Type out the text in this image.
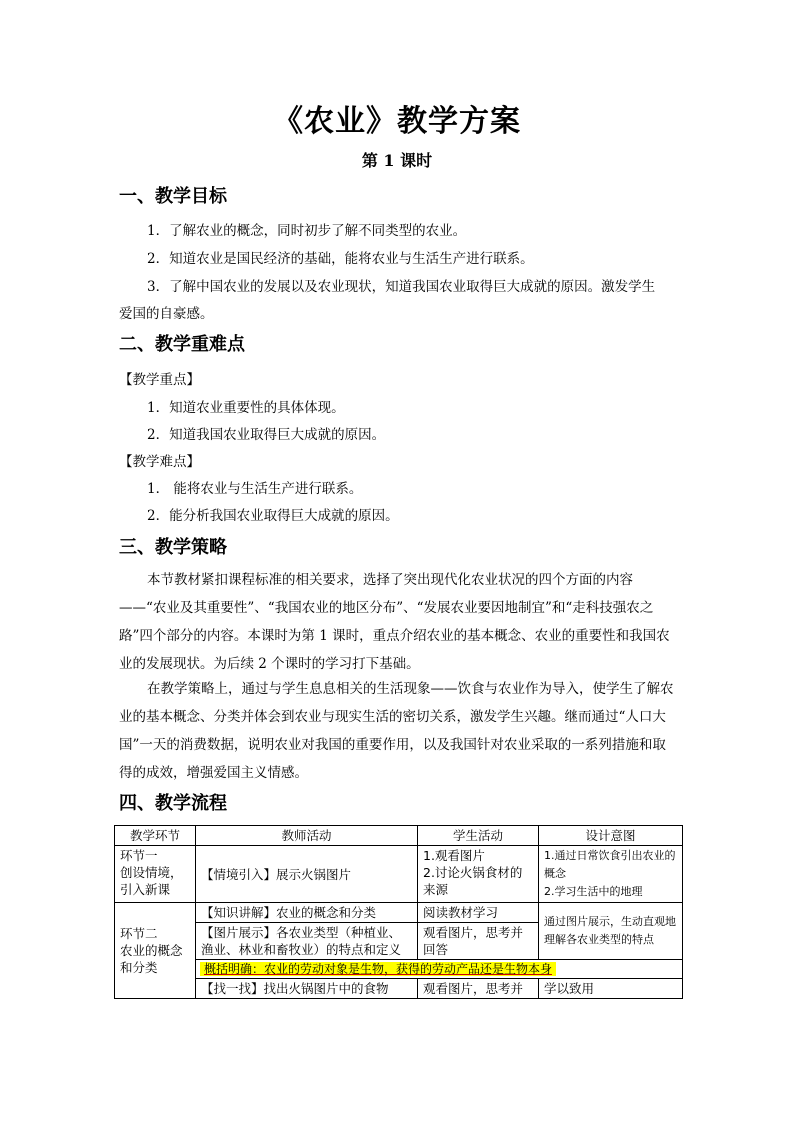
《农业》教学方案
第 1 课时
一、教学目标
1．了解农业的概念，同时初步了解不同类型的农业。
2．知道农业是国民经济的基础，能将农业与生活生产进行联系。
3．了解中国农业的发展以及农业现状，知道我国农业取得巨大成就的原因。激发学生
爱国的自豪感。
二、教学重难点
【教学重点】
1．知道农业重要性的具体体现。
2．知道我国农业取得巨大成就的原因。
【教学难点】
1． 能将农业与生活生产进行联系。
2．能分析我国农业取得巨大成就的原因。
三、教学策略
本节教材紧扣课程标准的相关要求，选择了突出现代化农业状况的四个方面的内容——“农业及其重要性”、“我国农业的地区分布”、“发展农业要因地制宜”和“走科技强农之路”四个部分的内容。本课时为第 1 课时，重点介绍农业的基本概念、农业的重要性和我国农业的发展现状。为后续 2 个课时的学习打下基础。
在教学策略上，通过与学生息息相关的生活现象——饮食与农业作为导入，使学生了解农业的基本概念、分类并体会到农业与现实生活的密切关系，激发学生兴趣。继而通过“人口大国”一天的消费数据，说明农业对我国的重要作用，以及我国针对农业采取的一系列措施和取得的成效，增强爱国主义情感。
四、教学流程
教学环节	教师活动	学生活动	设计意图
环节一
创设情境，引入新课	【情境引入】展示火锅图片	1.观看图片
2.讨论火锅食材的来源	1.通过日常饮食引出农业的概念
2.学习生活中的地理
环节二
农业的概念和分类	【知识讲解】农业的概念和分类	阅读教材学习	通过图片展示，生动直观地理解各农业类型的特点
	【图片展示】各农业类型（种植业、渔业、林业和畜牧业）的特点和定义	观看图片，思考并回答	
	概括明确：农业的劳动对象是生物，获得的劳动产品还是生物本身		
	【找一找】找出火锅图片中的食物	观看图片，思考并	学以致用
